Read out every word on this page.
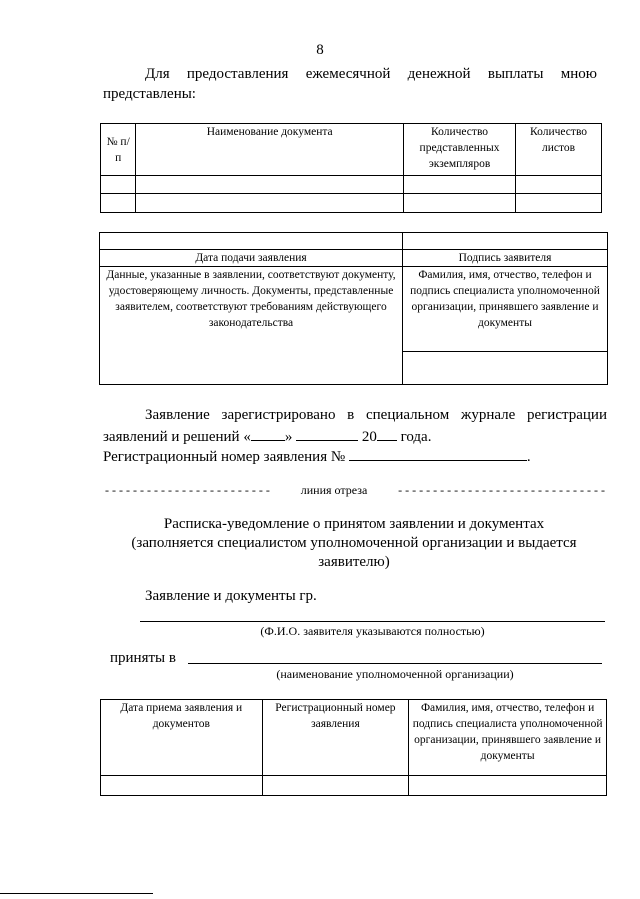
8
Для предоставления ежемесячной денежной выплаты мною
представлены:
№ п/п	Наименование документа	Количество представленных экземпляров	Количество листов

Дата подачи заявления	Подпись заявителя
Данные, указанные в заявлении, соответствуют документу, удостоверяющему личность. Документы, представленные заявителем, соответствуют требованиям действующего законодательства	Фамилия, имя, отчество, телефон и подпись специалиста уполномоченной организации, принявшего заявление и документы
Заявление зарегистрировано в специальном журнале регистрации
заявлений и решений « »	20 года.
Регистрационный номер заявления №	.
- - - - - - - - - - - - - - - - - - - - - - - -	линия отреза	- - - - - - - - - - - - - - - - - - - - - - - - - - - - - -
Расписка-уведомление о принятом заявлении и документах
(заполняется специалистом уполномоченной организации и выдается
заявителю)
Заявление и документы гр.
(Ф.И.О. заявителя указываются полностью)
приняты в
(наименование уполномоченной организации)
Дата приема заявления и документов	Регистрационный номер заявления	Фамилия, имя, отчество, телефон и подпись специалиста уполномоченной организации, принявшего заявление и документы
